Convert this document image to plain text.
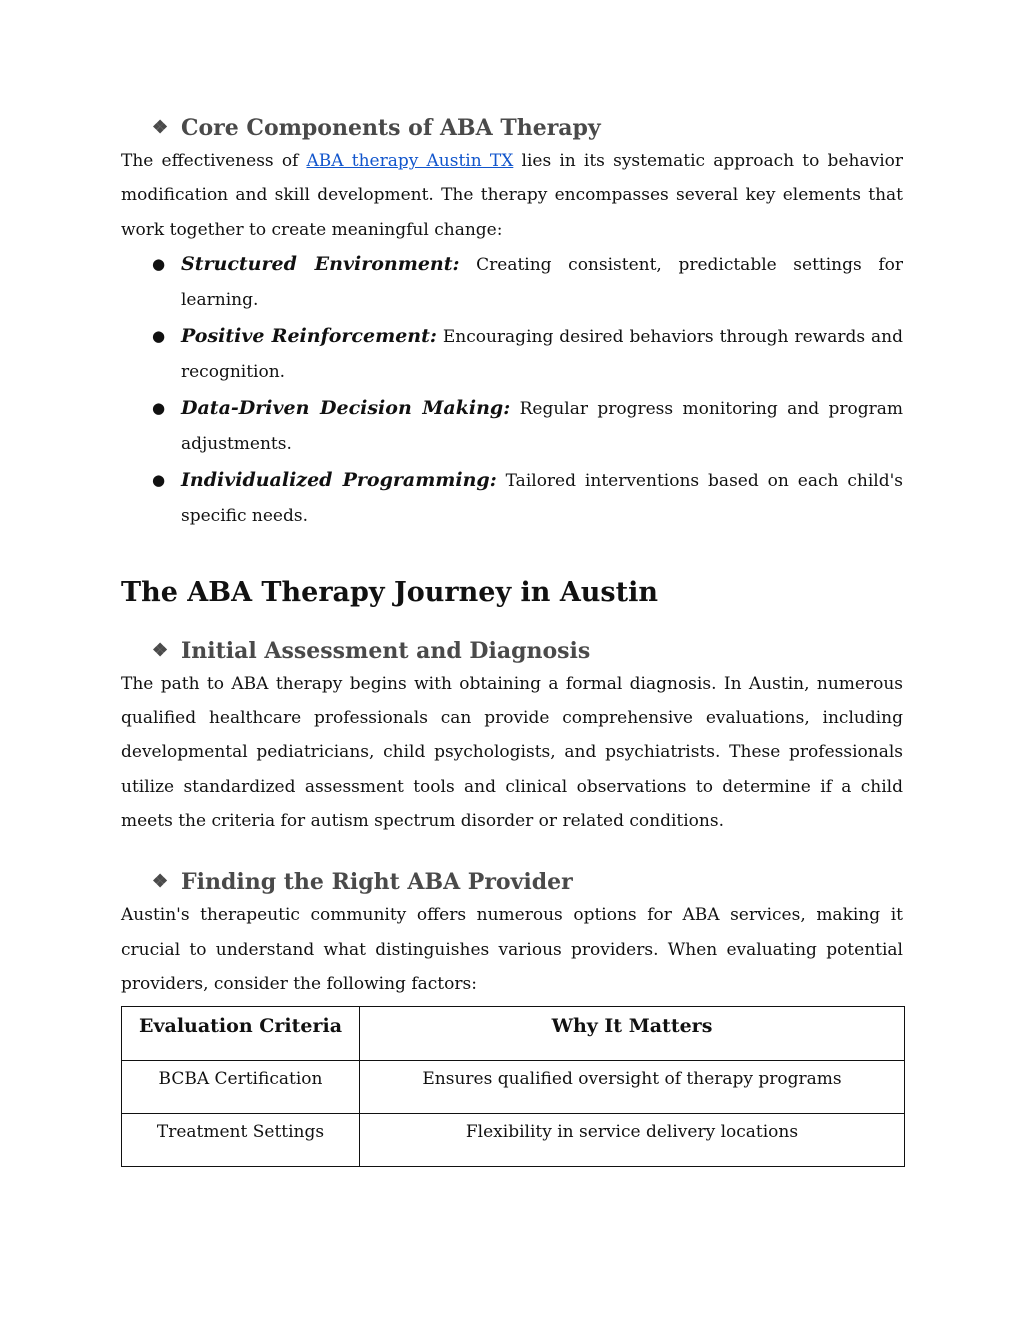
❖ Core Components of ABA Therapy

The effectiveness of ABA therapy Austin TX lies in its systematic approach to behavior modification and skill development. The therapy encompasses several key elements that work together to create meaningful change:

● Structured Environment: Creating consistent, predictable settings for learning.
● Positive Reinforcement: Encouraging desired behaviors through rewards and recognition.
● Data-Driven Decision Making: Regular progress monitoring and program adjustments.
● Individualized Programming: Tailored interventions based on each child's specific needs.
The ABA Therapy Journey in Austin
❖ Initial Assessment and Diagnosis

The path to ABA therapy begins with obtaining a formal diagnosis. In Austin, numerous qualified healthcare professionals can provide comprehensive evaluations, including developmental pediatricians, child psychologists, and psychiatrists. These professionals utilize standardized assessment tools and clinical observations to determine if a child meets the criteria for autism spectrum disorder or related conditions.

❖ Finding the Right ABA Provider

Austin's therapeutic community offers numerous options for ABA services, making it crucial to understand what distinguishes various providers. When evaluating potential providers, consider the following factors:

Evaluation Criteria	Why It Matters
BCBA Certification	Ensures qualified oversight of therapy programs
Treatment Settings	Flexibility in service delivery locations
